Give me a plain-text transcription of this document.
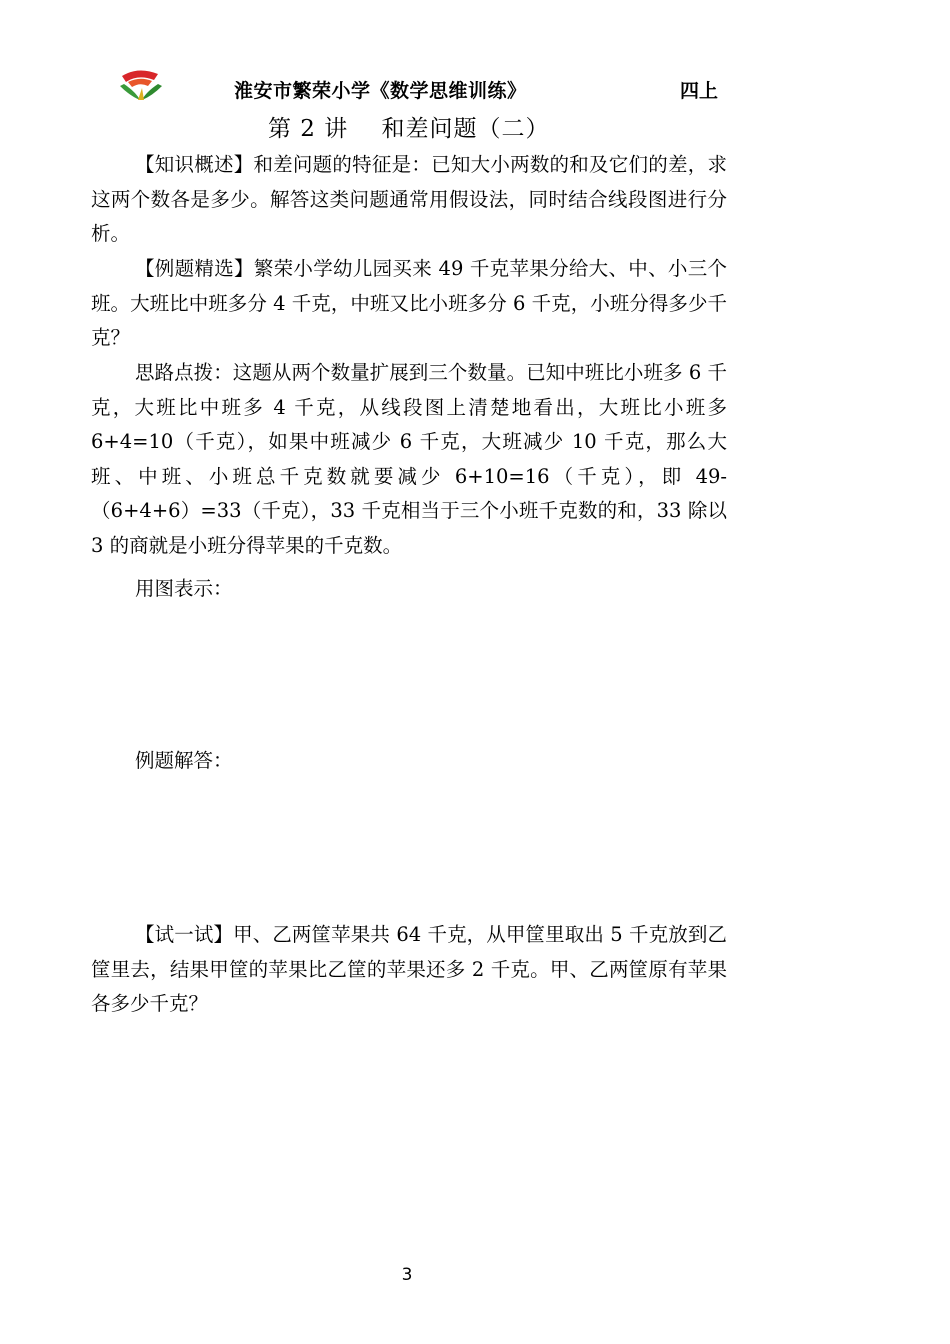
淮安市繁荣小学《数学思维训练》	四上
第 2 讲    和差问题（二）

【知识概述】和差问题的特征是：已知大小两数的和及它们的差，求这两个数各是多少。解答这类问题通常用假设法，同时结合线段图进行分析。

【例题精选】繁荣小学幼儿园买来 49 千克苹果分给大、中、小三个班。大班比中班多分 4 千克，中班又比小班多分 6 千克，小班分得多少千克？

思路点拨：这题从两个数量扩展到三个数量。已知中班比小班多 6 千克，大班比中班多 4 千克，从线段图上清楚地看出，大班比小班多 6+4=10（千克），如果中班减少 6 千克，大班减少 10 千克，那么大班、中班、小班总千克数就要减少 6+10=16（千克），即 49-（6+4+6）=33（千克），33 千克相当于三个小班千克数的和，33 除以 3 的商就是小班分得苹果的千克数。

用图表示：
例题解答：

【试一试】甲、乙两筐苹果共 64 千克，从甲筐里取出 5 千克放到乙筐里去，结果甲筐的苹果比乙筐的苹果还多 2 千克。甲、乙两筐原有苹果各多少千克？

3
